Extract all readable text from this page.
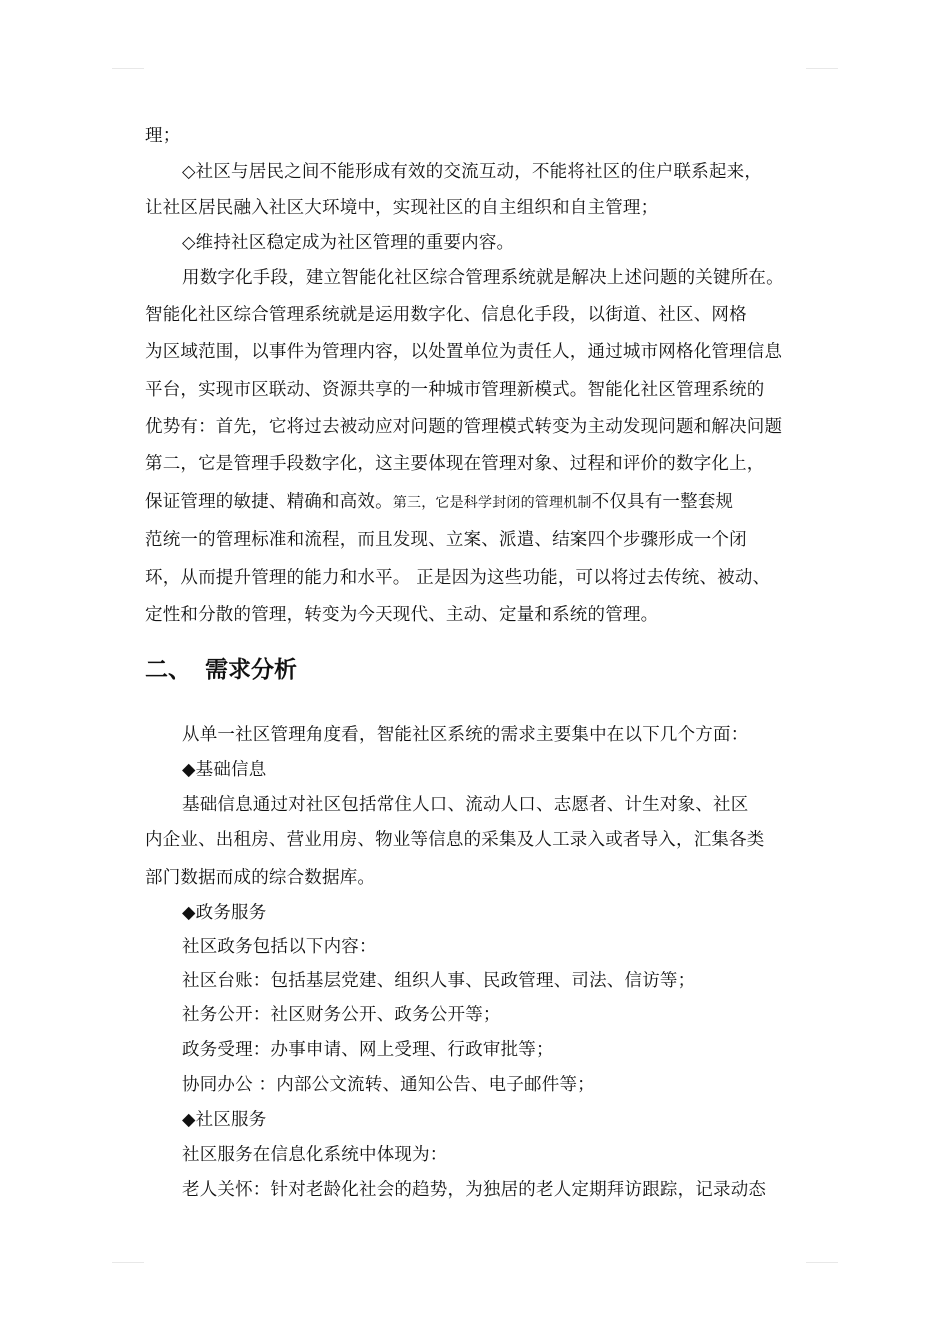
理；
◇社区与居民之间不能形成有效的交流互动，不能将社区的住户联系起来，
让社区居民融入社区大环境中，实现社区的自主组织和自主管理；
◇维持社区稳定成为社区管理的重要内容。
用数字化手段，建立智能化社区综合管理系统就是解决上述问题的关键所在。
智能化社区综合管理系统就是运用数字化、信息化手段，以街道、社区、网格
为区域范围，以事件为管理内容，以处置单位为责任人，通过城市网格化管理信息
平台，实现市区联动、资源共享的一种城市管理新模式。智能化社区管理系统的
优势有：首先，它将过去被动应对问题的管理模式转变为主动发现问题和解决问题
第二，它是管理手段数字化，这主要体现在管理对象、过程和评价的数字化上，
保证管理的敏捷、精确和高效。第三，它是科学封闭的管理机制不仅具有一整套规
范统一的管理标准和流程，而且发现、立案、派遣、结案四个步骤形成一个闭
环，从而提升管理的能力和水平。 正是因为这些功能，可以将过去传统、被动、
定性和分散的管理，转变为今天现代、主动、定量和系统的管理。
二、 需求分析
从单一社区管理角度看，智能社区系统的需求主要集中在以下几个方面：
◆基础信息
基础信息通过对社区包括常住人口、流动人口、志愿者、计生对象、社区
内企业、出租房、营业用房、物业等信息的采集及人工录入或者导入，汇集各类
部门数据而成的综合数据库。
◆政务服务
社区政务包括以下内容：
社区台账：包括基层党建、组织人事、民政管理、司法、信访等；
社务公开：社区财务公开、政务公开等；
政务受理：办事申请、网上受理、行政审批等；
协同办公 ：内部公文流转、通知公告、电子邮件等；
◆社区服务
社区服务在信息化系统中体现为：
老人关怀：针对老龄化社会的趋势，为独居的老人定期拜访跟踪，记录动态
